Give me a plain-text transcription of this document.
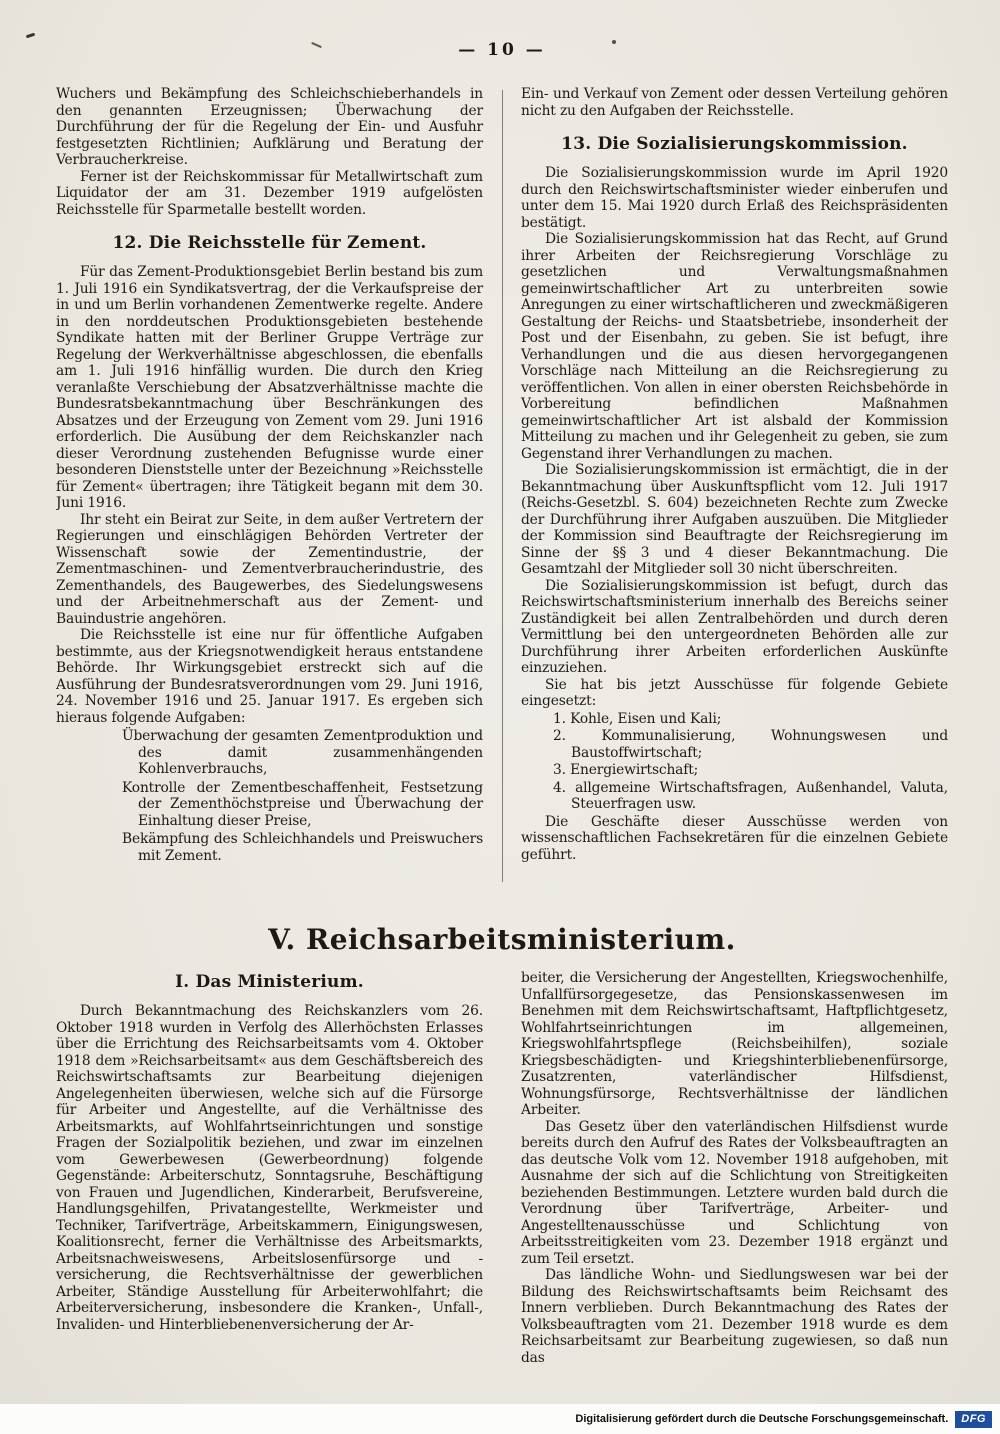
— 10 —

Wuchers und Bekämpfung des Schleichschieberhandels in den genannten Erzeugnissen; Überwachung der Durchführung der für die Regelung der Ein- und Ausfuhr festgesetzten Richtlinien; Aufklärung und Beratung der Verbraucherkreise.

Ferner ist der Reichskommissar für Metallwirtschaft zum Liquidator der am 31. Dezember 1919 aufgelösten Reichsstelle für Sparmetalle bestellt worden.

12. Die Reichsstelle für Zement.

Für das Zement-Produktionsgebiet Berlin bestand bis zum 1. Juli 1916 ein Syndikatsvertrag, der die Verkaufspreise der in und um Berlin vorhandenen Zementwerke regelte. Andere in den norddeutschen Produktionsgebieten bestehende Syndikate hatten mit der Berliner Gruppe Verträge zur Regelung der Werkverhältnisse abgeschlossen, die ebenfalls am 1. Juli 1916 hinfällig wurden. Die durch den Krieg veranlaßte Verschiebung der Absatzverhältnisse machte die Bundesratsbekanntmachung über Beschränkungen des Absatzes und der Erzeugung von Zement vom 29. Juni 1916 erforderlich. Die Ausübung der dem Reichskanzler nach dieser Verordnung zustehenden Befugnisse wurde einer besonderen Dienststelle unter der Bezeichnung »Reichsstelle für Zement« übertragen; ihre Tätigkeit begann mit dem 30. Juni 1916.

Ihr steht ein Beirat zur Seite, in dem außer Vertretern der Regierungen und einschlägigen Behörden Vertreter der Wissenschaft sowie der Zementindustrie, der Zementmaschinen- und Zementverbraucherindustrie, des Zementhandels, des Baugewerbes, des Siedelungswesens und der Arbeitnehmerschaft aus der Zement- und Bauindustrie angehören.

Die Reichsstelle ist eine nur für öffentliche Aufgaben bestimmte, aus der Kriegsnotwendigkeit heraus entstandene Behörde. Ihr Wirkungsgebiet erstreckt sich auf die Ausführung der Bundesratsverordnungen vom 29. Juni 1916, 24. November 1916 und 25. Januar 1917. Es ergeben sich hieraus folgende Aufgaben:

Überwachung der gesamten Zementproduktion und des damit zusammenhängenden Kohlenverbrauchs,
Kontrolle der Zementbeschaffenheit, Festsetzung der Zementhöchstpreise und Überwachung der Einhaltung dieser Preise,
Bekämpfung des Schleichhandels und Preiswuchers mit Zement.

Ein- und Verkauf von Zement oder dessen Verteilung gehören nicht zu den Aufgaben der Reichsstelle.

13. Die Sozialisierungskommission.

Die Sozialisierungskommission wurde im April 1920 durch den Reichswirtschaftsminister wieder einberufen und unter dem 15. Mai 1920 durch Erlaß des Reichspräsidenten bestätigt.

Die Sozialisierungskommission hat das Recht, auf Grund ihrer Arbeiten der Reichsregierung Vorschläge zu gesetzlichen und Verwaltungsmaßnahmen gemeinwirtschaftlicher Art zu unterbreiten sowie Anregungen zu einer wirtschaftlicheren und zweckmäßigeren Gestaltung der Reichs- und Staatsbetriebe, insonderheit der Post und der Eisenbahn, zu geben. Sie ist befugt, ihre Verhandlungen und die aus diesen hervorgegangenen Vorschläge nach Mitteilung an die Reichsregierung zu veröffentlichen. Von allen in einer obersten Reichsbehörde in Vorbereitung befindlichen Maßnahmen gemeinwirtschaftlicher Art ist alsbald der Kommission Mitteilung zu machen und ihr Gelegenheit zu geben, sie zum Gegenstand ihrer Verhandlungen zu machen.

Die Sozialisierungskommission ist ermächtigt, die in der Bekanntmachung über Auskunftspflicht vom 12. Juli 1917 (Reichs-Gesetzbl. S. 604) bezeichneten Rechte zum Zwecke der Durchführung ihrer Aufgaben auszuüben. Die Mitglieder der Kommission sind Beauftragte der Reichsregierung im Sinne der §§ 3 und 4 dieser Bekanntmachung. Die Gesamtzahl der Mitglieder soll 30 nicht überschreiten.

Die Sozialisierungskommission ist befugt, durch das Reichswirtschaftsministerium innerhalb des Bereichs seiner Zuständigkeit bei allen Zentralbehörden und durch deren Vermittlung bei den untergeordneten Behörden alle zur Durchführung ihrer Arbeiten erforderlichen Auskünfte einzuziehen.

Sie hat bis jetzt Ausschüsse für folgende Gebiete eingesetzt:

1. Kohle, Eisen und Kali;
2. Kommunalisierung, Wohnungswesen und Baustoffwirtschaft;
3. Energiewirtschaft;
4. allgemeine Wirtschaftsfragen, Außenhandel, Valuta, Steuerfragen usw.

Die Geschäfte dieser Ausschüsse werden von wissenschaftlichen Fachsekretären für die einzelnen Gebiete geführt.

V. Reichsarbeitsministerium.
I. Das Ministerium.

Durch Bekanntmachung des Reichskanzlers vom 26. Oktober 1918 wurden in Verfolg des Allerhöchsten Erlasses über die Errichtung des Reichsarbeitsamts vom 4. Oktober 1918 dem »Reichsarbeitsamt« aus dem Geschäftsbereich des Reichswirtschaftsamts zur Bearbeitung diejenigen Angelegenheiten überwiesen, welche sich auf die Fürsorge für Arbeiter und Angestellte, auf die Verhältnisse des Arbeitsmarkts, auf Wohlfahrtseinrichtungen und sonstige Fragen der Sozialpolitik beziehen, und zwar im einzelnen vom Gewerbewesen (Gewerbeordnung) folgende Gegenstände: Arbeiterschutz, Sonntagsruhe, Beschäftigung von Frauen und Jugendlichen, Kinderarbeit, Berufsvereine, Handlungsgehilfen, Privatangestellte, Werkmeister und Techniker, Tarifverträge, Arbeitskammern, Einigungswesen, Koalitionsrecht, ferner die Verhältnisse des Arbeitsmarkts, Arbeitsnachweiswesens, Arbeitslosenfürsorge und -versicherung, die Rechtsverhältnisse der gewerblichen Arbeiter, Ständige Ausstellung für Arbeiterwohlfahrt; die Arbeiterversicherung, insbesondere die Kranken-, Unfall-, Invaliden- und Hinterbliebenenversicherung der Ar-

beiter, die Versicherung der Angestellten, Kriegswochenhilfe, Unfallfürsorgegesetze, das Pensionskassenwesen im Benehmen mit dem Reichswirtschaftsamt, Haftpflichtgesetz, Wohlfahrtseinrichtungen im allgemeinen, Kriegswohlfahrtspflege (Reichsbeihilfen), soziale Kriegsbeschädigten- und Kriegshinterbliebenenfürsorge, Zusatzrenten, vaterländischer Hilfsdienst, Wohnungsfürsorge, Rechtsverhältnisse der ländlichen Arbeiter.

Das Gesetz über den vaterländischen Hilfsdienst wurde bereits durch den Aufruf des Rates der Volksbeauftragten an das deutsche Volk vom 12. November 1918 aufgehoben, mit Ausnahme der sich auf die Schlichtung von Streitigkeiten beziehenden Bestimmungen. Letztere wurden bald durch die Verordnung über Tarifverträge, Arbeiter- und Angestelltenausschüsse und Schlichtung von Arbeitsstreitigkeiten vom 23. Dezember 1918 ergänzt und zum Teil ersetzt.

Das ländliche Wohn- und Siedlungswesen war bei der Bildung des Reichswirtschaftsamts beim Reichsamt des Innern verblieben. Durch Bekanntmachung des Rates der Volksbeauftragten vom 21. Dezember 1918 wurde es dem Reichsarbeitsamt zur Bearbeitung zugewiesen, so daß nun das

Digitalisierung gefördert durch die Deutsche Forschungsgemeinschaft.	DFG
